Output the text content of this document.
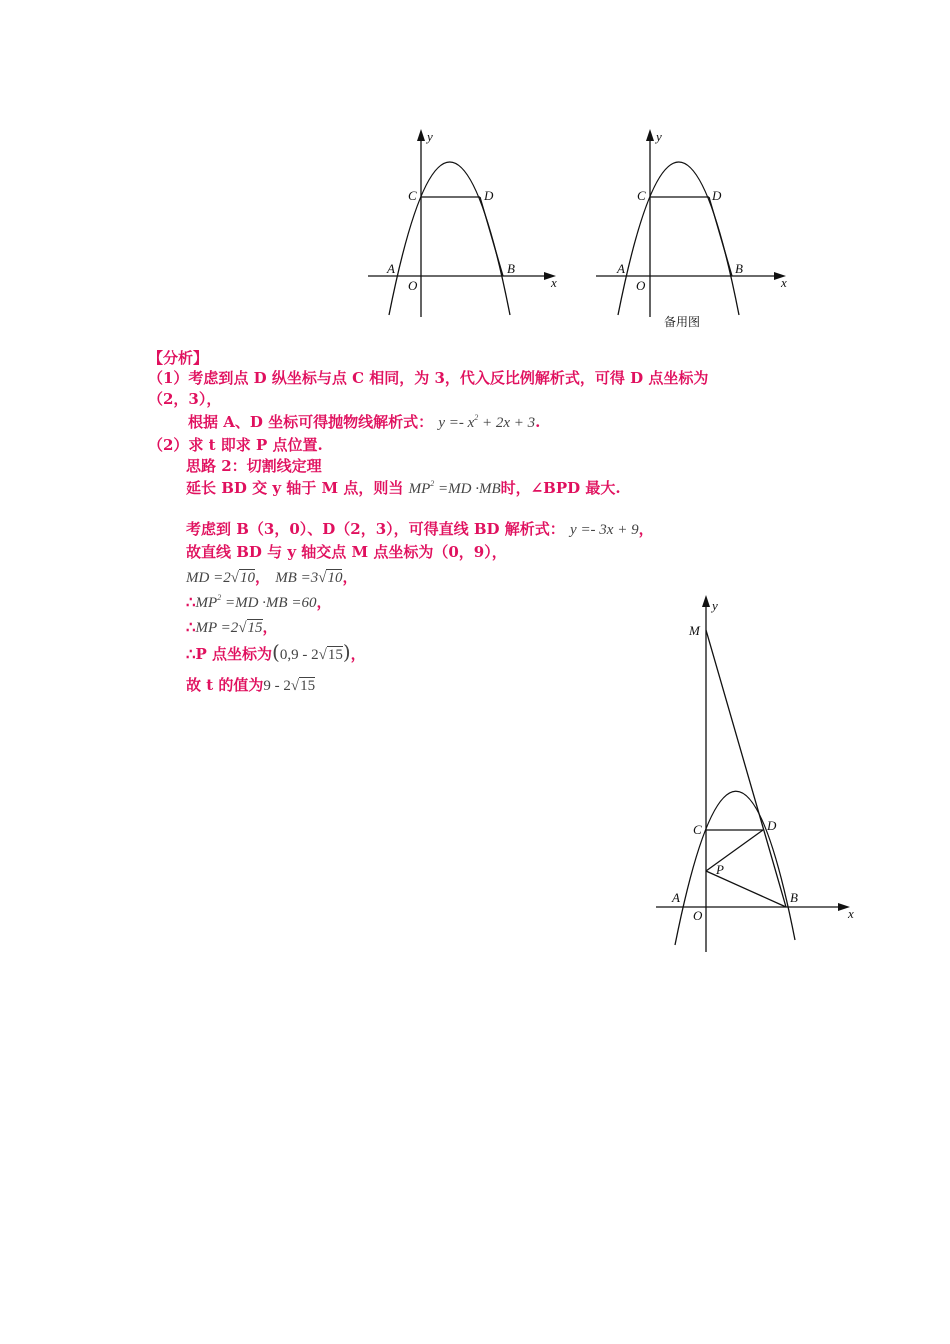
y
x
C	D
A	B
O
y
x
C	D
A	B
O
备用图
y
x
M
C	D
P
A	B
O
【分析】
（1）考虑到点 D 纵坐标与点 C 相同，为 3，代入反比例解析式，可得 D 点坐标为
（2，3），
根据 A、D 坐标可得抛物线解析式： $y =- x^2 + 2x + 3$.
（2）求 t 即求 P 点位置.
思路 2：切割线定理
延长 BD 交 y 轴于 M 点，则当 $MP^2 =MD \cdot MB$时，∠BPD 最大.
考虑到 B（3，0）、D（2，3），可得直线 BD 解析式： y =- 3x + 9，
故直线 BD 与 y 轴交点 M 点坐标为（0，9），
MD =2√10， MB =3√10，
$\therefore MP^2 =MD \cdot MB =60$，
∴MP =2√15，
∴P 点坐标为(0,9 - 2√15)，
故 t 的值为9 - 2√15
